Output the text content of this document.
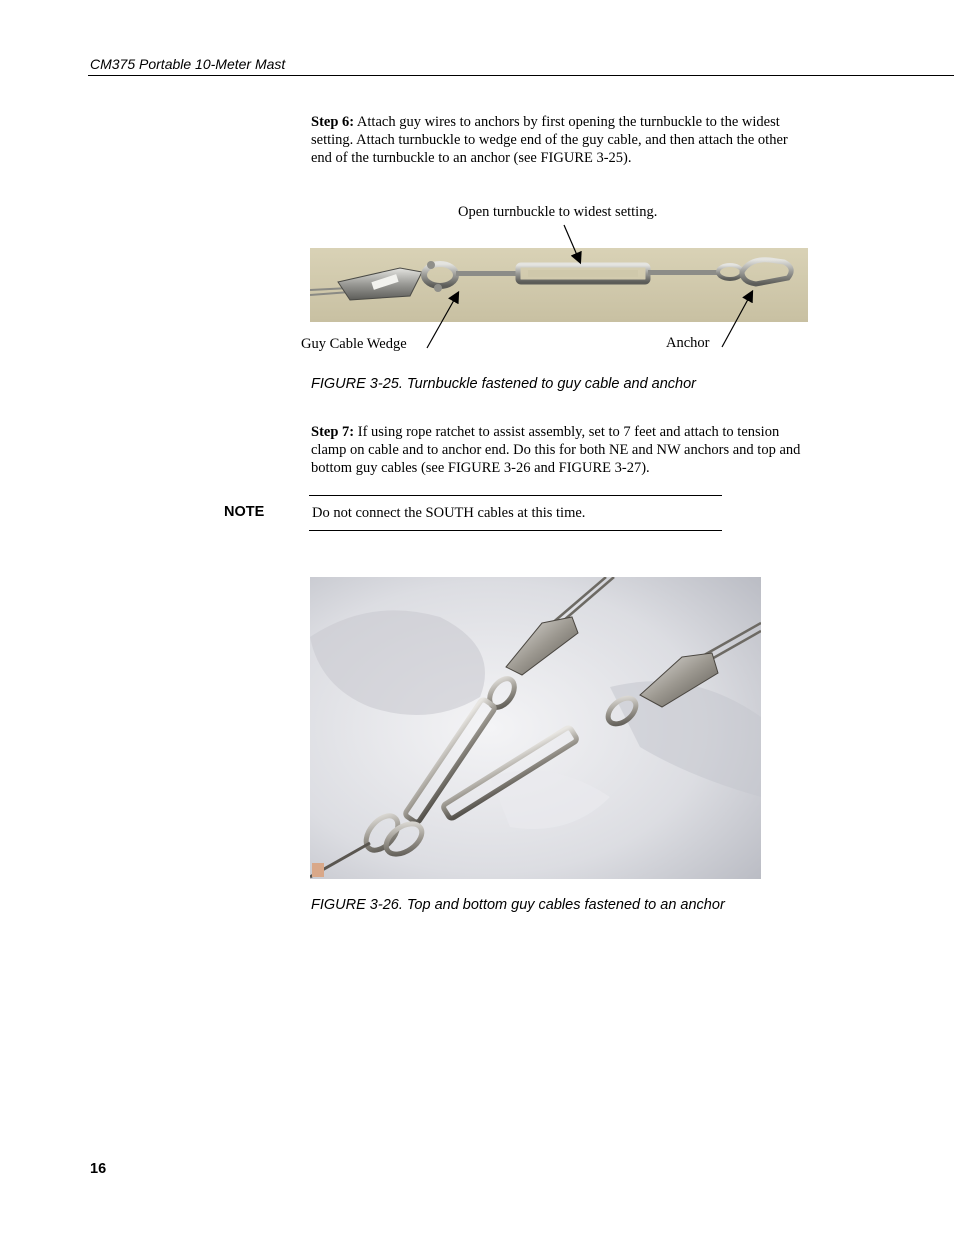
CM375 Portable 10-Meter Mast
Step 6: Attach guy wires to anchors by first opening the turnbuckle to the widest setting. Attach turnbuckle to wedge end of the guy cable, and then attach the other end of the turnbuckle to an anchor (see FIGURE 3-25).
Open turnbuckle to widest setting.
Guy Cable Wedge	Anchor
FIGURE 3-25. Turnbuckle fastened to guy cable and anchor
Step 7: If using rope ratchet to assist assembly, set to 7 feet and attach to tension clamp on cable and to anchor end. Do this for both NE and NW anchors and top and bottom guy cables (see FIGURE 3-26 and FIGURE 3-27).
NOTE	Do not connect the SOUTH cables at this time.
FIGURE 3-26. Top and bottom guy cables fastened to an anchor
16
